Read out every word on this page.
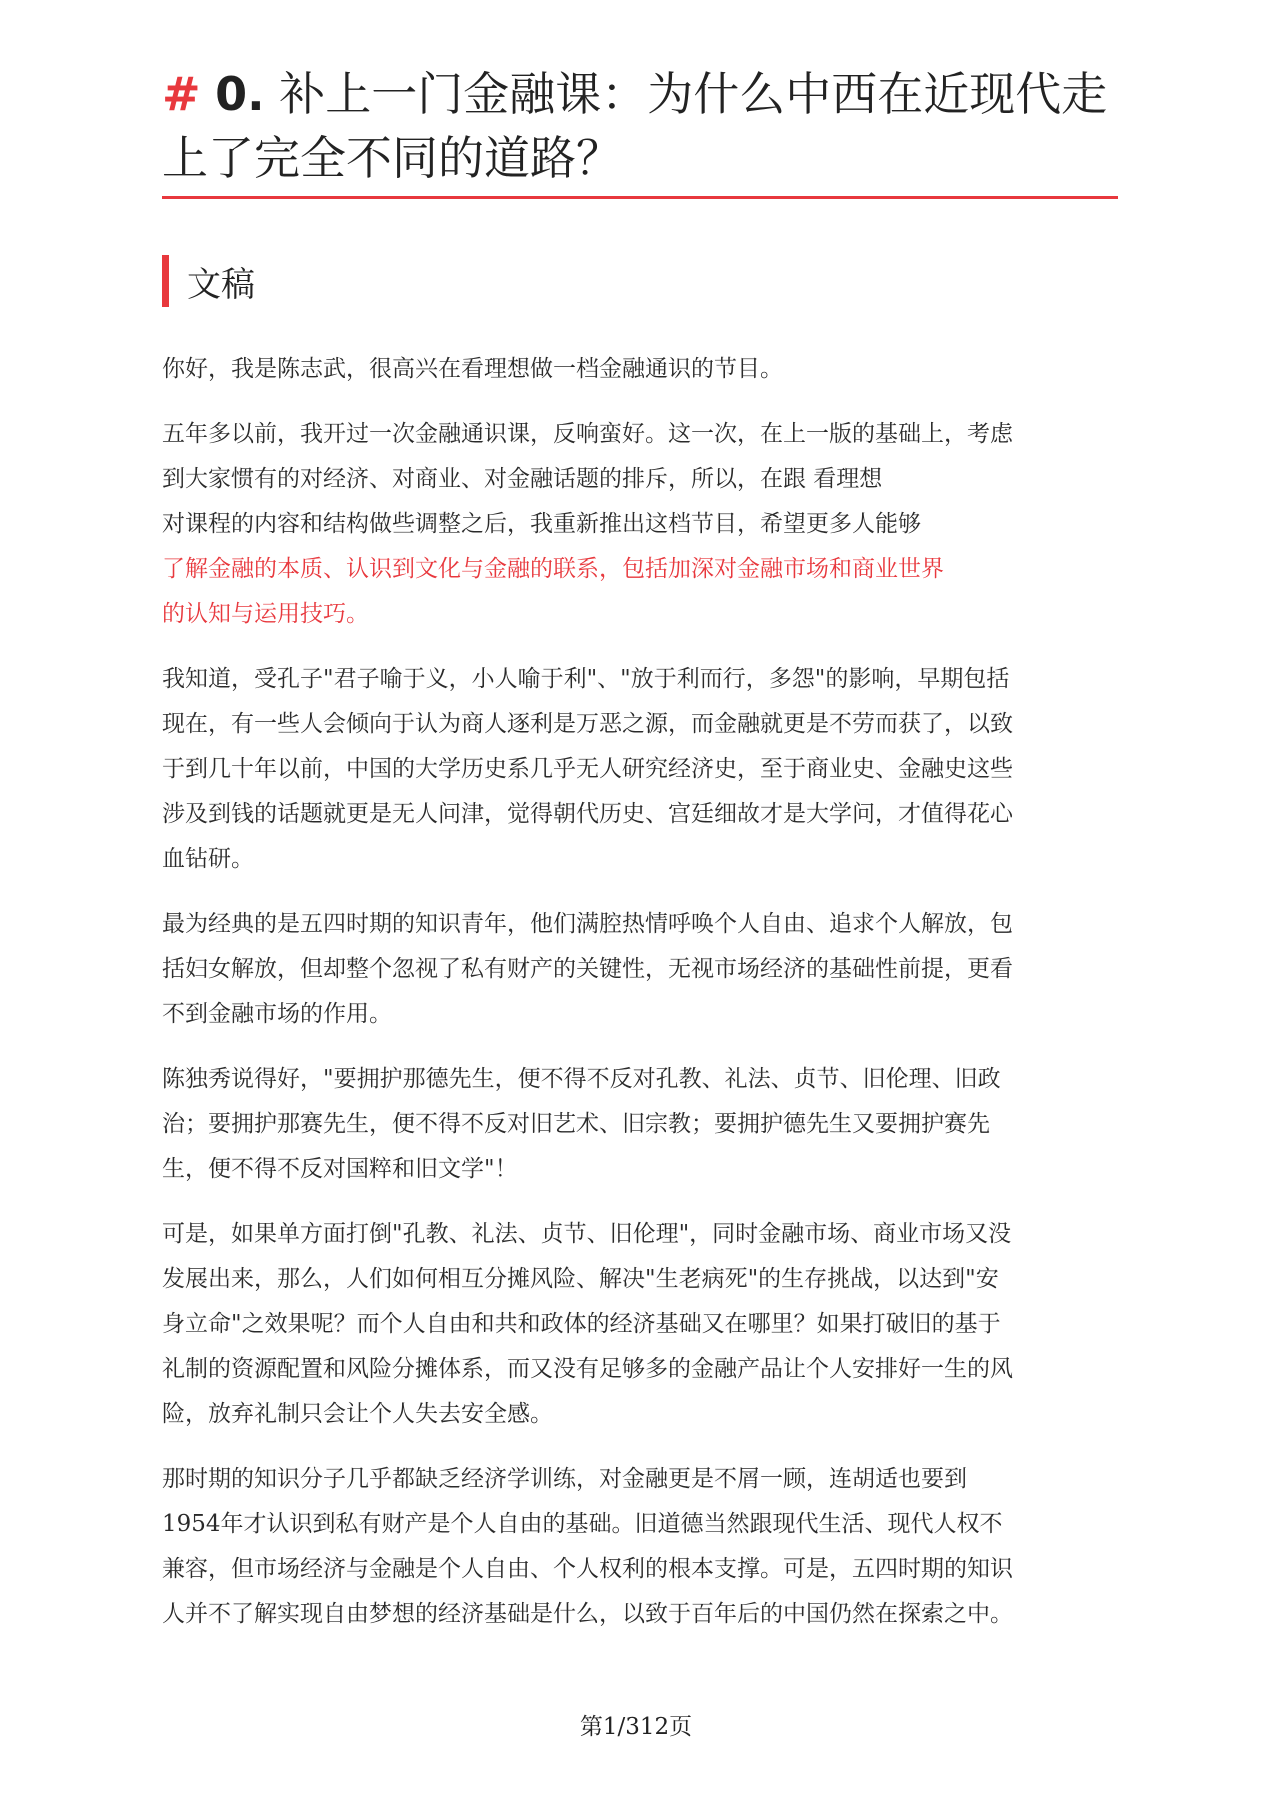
# 0. 补上一门金融课：为什么中西在近现代走
上了完全不同的道路？
文稿

你好，我是陈志武，很高兴在看理想做一档金融通识的节目。

五年多以前，我开过一次金融通识课，反响蛮好。这一次，在上一版的基础上，考虑
到大家惯有的对经济、对商业、对金融话题的排斥，所以，在跟 看理想
对课程的内容和结构做些调整之后，我重新推出这档节目，希望更多人能够
了解金融的本质、认识到文化与金融的联系，包括加深对金融市场和商业世界
的认知与运用技巧。

我知道，受孔子"君子喻于义，小人喻于利"、"放于利而行，多怨"的影响，早期包括
现在，有一些人会倾向于认为商人逐利是万恶之源，而金融就更是不劳而获了，以致
于到几十年以前，中国的大学历史系几乎无人研究经济史，至于商业史、金融史这些
涉及到钱的话题就更是无人问津，觉得朝代历史、宫廷细故才是大学问，才值得花心
血钻研。

最为经典的是五四时期的知识青年，他们满腔热情呼唤个人自由、追求个人解放，包
括妇女解放，但却整个忽视了私有财产的关键性，无视市场经济的基础性前提，更看
不到金融市场的作用。

陈独秀说得好，"要拥护那德先生，便不得不反对孔教、礼法、贞节、旧伦理、旧政
治；要拥护那赛先生，便不得不反对旧艺术、旧宗教；要拥护德先生又要拥护赛先
生，便不得不反对国粹和旧文学"！

可是，如果单方面打倒"孔教、礼法、贞节、旧伦理"，同时金融市场、商业市场又没
发展出来，那么，人们如何相互分摊风险、解决"生老病死"的生存挑战，以达到"安
身立命"之效果呢？而个人自由和共和政体的经济基础又在哪里？如果打破旧的基于
礼制的资源配置和风险分摊体系，而又没有足够多的金融产品让个人安排好一生的风
险，放弃礼制只会让个人失去安全感。

那时期的知识分子几乎都缺乏经济学训练，对金融更是不屑一顾，连胡适也要到
1954年才认识到私有财产是个人自由的基础。旧道德当然跟现代生活、现代人权不
兼容，但市场经济与金融是个人自由、个人权利的根本支撑。可是，五四时期的知识
人并不了解实现自由梦想的经济基础是什么，以致于百年后的中国仍然在探索之中。

第1/312页
